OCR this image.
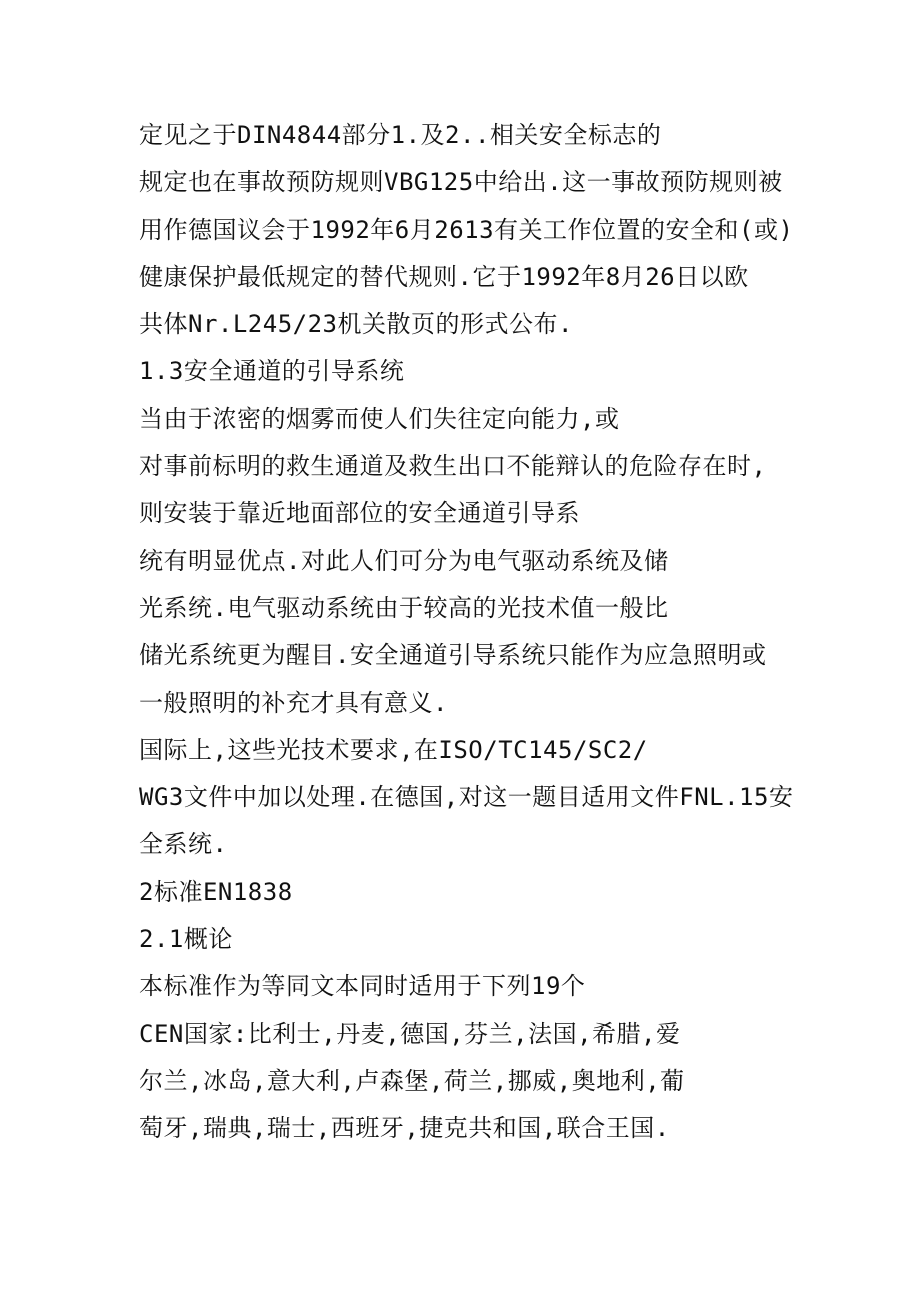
定见之于DIN4844部分1.及2..相关安全标志的
规定也在事故预防规则VBG125中给出.这一事故预防规则被
用作德国议会于1992年6月2613有关工作位置的安全和(或)
健康保护最低规定的替代规则.它于1992年8月26日以欧
共体Nr.L245/23机关散页的形式公布.
1.3安全通道的引导系统
当由于浓密的烟雾而使人们失往定向能力,或
对事前标明的救生通道及救生出口不能辩认的危险存在时,
则安装于靠近地面部位的安全通道引导系
统有明显优点.对此人们可分为电气驱动系统及储
光系统.电气驱动系统由于较高的光技术值一般比
储光系统更为醒目.安全通道引导系统只能作为应急照明或
一般照明的补充才具有意义.
国际上,这些光技术要求,在ISO/TC145/SC2/
WG3文件中加以处理.在德国,对这一题目适用文件FNL.15安
全系统.
2标准EN1838
2.1概论
本标准作为等同文本同时适用于下列19个
CEN国家:比利士,丹麦,德国,芬兰,法国,希腊,爱
尔兰,冰岛,意大利,卢森堡,荷兰,挪威,奥地利,葡
萄牙,瑞典,瑞士,西班牙,捷克共和国,联合王国.
